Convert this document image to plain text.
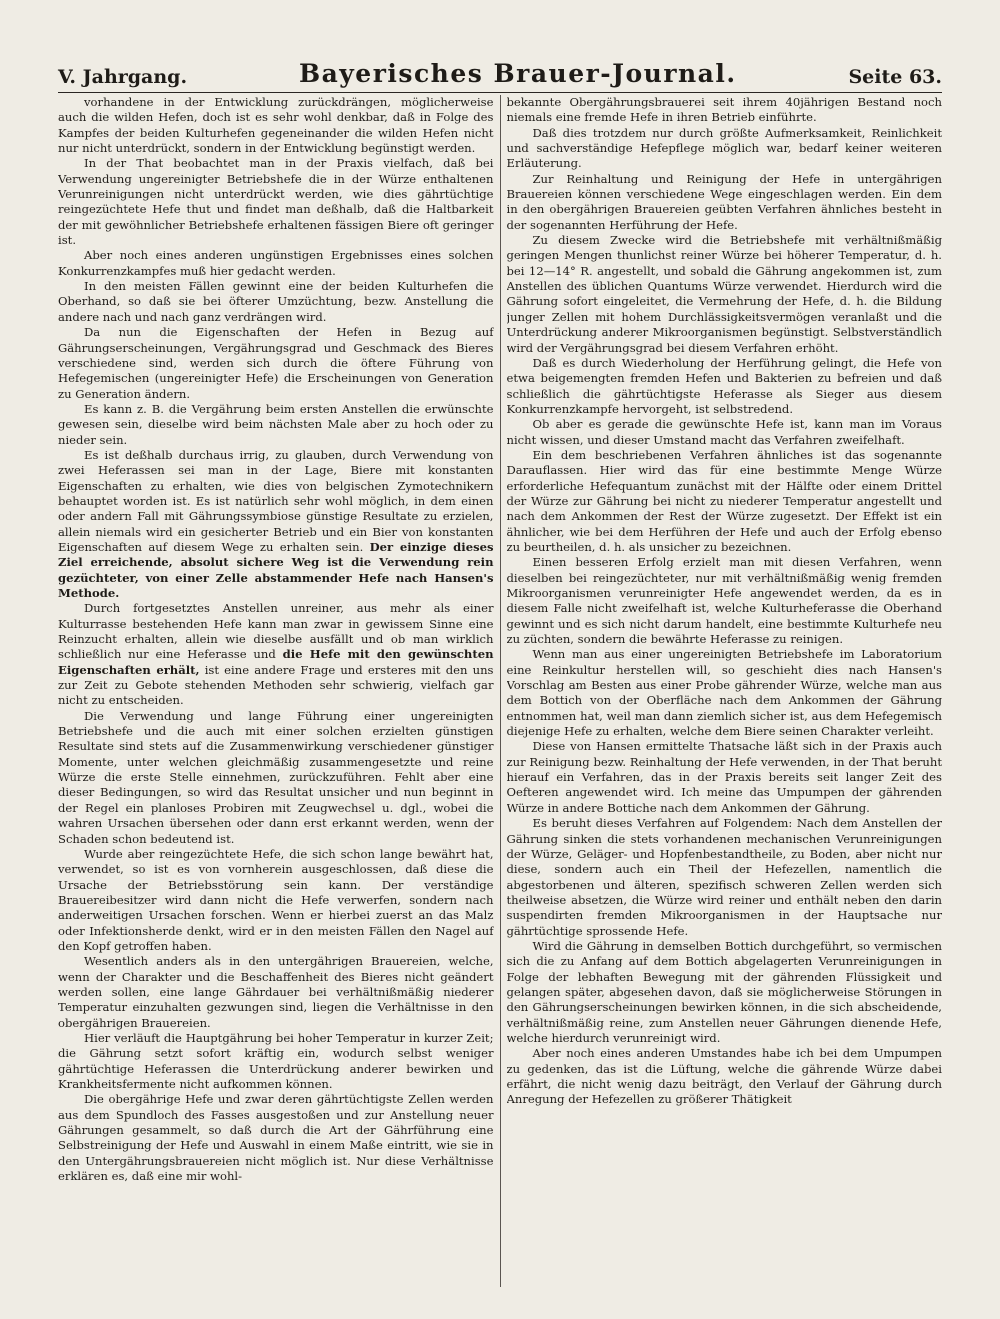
V. Jahrgang.	Bayerisches Brauer-Journal.	Seite 63.

vorhandene in der Entwicklung zurückdrängen, möglicherweise auch die wilden Hefen, doch ist es sehr wohl denkbar, daß in Folge des Kampfes der beiden Kulturhefen gegeneinander die wilden Hefen nicht nur nicht unterdrückt, sondern in der Entwicklung begünstigt werden.

In der That beobachtet man in der Praxis vielfach, daß bei Verwendung ungereinigter Betriebshefe die in der Würze enthaltenen Verunreinigungen nicht unterdrückt werden, wie dies gährtüchtige reingezüchtete Hefe thut und findet man deßhalb, daß die Haltbarkeit der mit gewöhnlicher Betriebshefe erhaltenen fässigen Biere oft geringer ist.

Aber noch eines anderen ungünstigen Ergebnisses eines solchen Konkurrenzkampfes muß hier gedacht werden.

In den meisten Fällen gewinnt eine der beiden Kulturhefen die Oberhand, so daß sie bei öfterer Umzüchtung, bezw. Anstellung die andere nach und nach ganz verdrängen wird.

Da nun die Eigenschaften der Hefen in Bezug auf Gährungserscheinungen, Vergährungsgrad und Geschmack des Bieres verschiedene sind, werden sich durch die öftere Führung von Hefegemischen (ungereinigter Hefe) die Erscheinungen von Generation zu Generation ändern.

Es kann z. B. die Vergährung beim ersten Anstellen die erwünschte gewesen sein, dieselbe wird beim nächsten Male aber zu hoch oder zu nieder sein.

Es ist deßhalb durchaus irrig, zu glauben, durch Verwendung von zwei Heferassen sei man in der Lage, Biere mit konstanten Eigenschaften zu erhalten, wie dies von belgischen Zymotechnikern behauptet worden ist. Es ist natürlich sehr wohl möglich, in dem einen oder andern Fall mit Gährungssymbiose günstige Resultate zu erzielen, allein niemals wird ein gesicherter Betrieb und ein Bier von konstanten Eigenschaften auf diesem Wege zu erhalten sein. Der einzige dieses Ziel erreichende, absolut sichere Weg ist die Verwendung rein gezüchteter, von einer Zelle abstammender Hefe nach Hansen's Methode.

Durch fortgesetztes Anstellen unreiner, aus mehr als einer Kulturrasse bestehenden Hefe kann man zwar in gewissem Sinne eine Reinzucht erhalten, allein wie dieselbe ausfällt und ob man wirklich schließlich nur eine Heferasse und die Hefe mit den gewünschten Eigenschaften erhält, ist eine andere Frage und ersteres mit den uns zur Zeit zu Gebote stehenden Methoden sehr schwierig, vielfach gar nicht zu entscheiden.

Die Verwendung und lange Führung einer ungereinigten Betriebshefe und die auch mit einer solchen erzielten günstigen Resultate sind stets auf die Zusammenwirkung verschiedener günstiger Momente, unter welchen gleichmäßig zusammengesetzte und reine Würze die erste Stelle einnehmen, zurückzuführen. Fehlt aber eine dieser Bedingungen, so wird das Resultat unsicher und nun beginnt in der Regel ein planloses Probiren mit Zeugwechsel u. dgl., wobei die wahren Ursachen übersehen oder dann erst erkannt werden, wenn der Schaden schon bedeutend ist.

Wurde aber reingezüchtete Hefe, die sich schon lange bewährt hat, verwendet, so ist es von vornherein ausgeschlossen, daß diese die Ursache der Betriebsstörung sein kann. Der verständige Brauereibesitzer wird dann nicht die Hefe verwerfen, sondern nach anderweitigen Ursachen forschen. Wenn er hierbei zuerst an das Malz oder Infektionsherde denkt, wird er in den meisten Fällen den Nagel auf den Kopf getroffen haben.

Wesentlich anders als in den untergährigen Brauereien, welche, wenn der Charakter und die Beschaffenheit des Bieres nicht geändert werden sollen, eine lange Gährdauer bei verhältnißmäßig niederer Temperatur einzuhalten gezwungen sind, liegen die Verhältnisse in den obergährigen Brauereien.

Hier verläuft die Hauptgährung bei hoher Temperatur in kurzer Zeit; die Gährung setzt sofort kräftig ein, wodurch selbst weniger gährtüchtige Heferassen die Unterdrückung anderer bewirken und Krankheitsfermente nicht aufkommen können.

Die obergährige Hefe und zwar deren gährtüchtigste Zellen werden aus dem Spundloch des Fasses ausgestoßen und zur Anstellung neuer Gährungen gesammelt, so daß durch die Art der Gährführung eine Selbstreinigung der Hefe und Auswahl in einem Maße eintritt, wie sie in den Untergährungsbrauereien nicht möglich ist. Nur diese Verhältnisse erklären es, daß eine mir wohl-

bekannte Obergährungsbrauerei seit ihrem 40jährigen Bestand noch niemals eine fremde Hefe in ihren Betrieb einführte.

Daß dies trotzdem nur durch größte Aufmerksamkeit, Reinlichkeit und sachverständige Hefepflege möglich war, bedarf keiner weiteren Erläuterung.

Zur Reinhaltung und Reinigung der Hefe in untergährigen Brauereien können verschiedene Wege eingeschlagen werden. Ein dem in den obergährigen Brauereien geübten Verfahren ähnliches besteht in der sogenannten Herführung der Hefe.

Zu diesem Zwecke wird die Betriebshefe mit verhältnißmäßig geringen Mengen thunlichst reiner Würze bei höherer Temperatur, d. h. bei 12—14° R. angestellt, und sobald die Gährung angekommen ist, zum Anstellen des üblichen Quantums Würze verwendet. Hierdurch wird die Gährung sofort eingeleitet, die Vermehrung der Hefe, d. h. die Bildung junger Zellen mit hohem Durchlässigkeitsvermögen veranlaßt und die Unterdrückung anderer Mikroorganismen begünstigt. Selbstverständlich wird der Vergährungsgrad bei diesem Verfahren erhöht.

Daß es durch Wiederholung der Herführung gelingt, die Hefe von etwa beigemengten fremden Hefen und Bakterien zu befreien und daß schließlich die gährtüchtigste Heferasse als Sieger aus diesem Konkurrenzkampfe hervorgeht, ist selbstredend.

Ob aber es gerade die gewünschte Hefe ist, kann man im Voraus nicht wissen, und dieser Umstand macht das Verfahren zweifelhaft.

Ein dem beschriebenen Verfahren ähnliches ist das sogenannte Darauflassen. Hier wird das für eine bestimmte Menge Würze erforderliche Hefequantum zunächst mit der Hälfte oder einem Drittel der Würze zur Gährung bei nicht zu niederer Temperatur angestellt und nach dem Ankommen der Rest der Würze zugesetzt. Der Effekt ist ein ähnlicher, wie bei dem Herführen der Hefe und auch der Erfolg ebenso zu beurtheilen, d. h. als unsicher zu bezeichnen.

Einen besseren Erfolg erzielt man mit diesen Verfahren, wenn dieselben bei reingezüchteter, nur mit verhältnißmäßig wenig fremden Mikroorganismen verunreinigter Hefe angewendet werden, da es in diesem Falle nicht zweifelhaft ist, welche Kulturheferasse die Oberhand gewinnt und es sich nicht darum handelt, eine bestimmte Kulturhefe neu zu züchten, sondern die bewährte Heferasse zu reinigen.

Wenn man aus einer ungereinigten Betriebshefe im Laboratorium eine Reinkultur herstellen will, so geschieht dies nach Hansen's Vorschlag am Besten aus einer Probe gährender Würze, welche man aus dem Bottich von der Oberfläche nach dem Ankommen der Gährung entnommen hat, weil man dann ziemlich sicher ist, aus dem Hefegemisch diejenige Hefe zu erhalten, welche dem Biere seinen Charakter verleiht.

Diese von Hansen ermittelte Thatsache läßt sich in der Praxis auch zur Reinigung bezw. Reinhaltung der Hefe verwenden, in der That beruht hierauf ein Verfahren, das in der Praxis bereits seit langer Zeit des Oefteren angewendet wird. Ich meine das Umpumpen der gährenden Würze in andere Bottiche nach dem Ankommen der Gährung.

Es beruht dieses Verfahren auf Folgendem: Nach dem Anstellen der Gährung sinken die stets vorhandenen mechanischen Verunreinigungen der Würze, Geläger- und Hopfenbestandtheile, zu Boden, aber nicht nur diese, sondern auch ein Theil der Hefezellen, namentlich die abgestorbenen und älteren, spezifisch schweren Zellen werden sich theilweise absetzen, die Würze wird reiner und enthält neben den darin suspendirten fremden Mikroorganismen in der Hauptsache nur gährtüchtige sprossende Hefe.

Wird die Gährung in demselben Bottich durchgeführt, so vermischen sich die zu Anfang auf dem Bottich abgelagerten Verunreinigungen in Folge der lebhaften Bewegung mit der gährenden Flüssigkeit und gelangen später, abgesehen davon, daß sie möglicherweise Störungen in den Gährungserscheinungen bewirken können, in die sich abscheidende, verhältnißmäßig reine, zum Anstellen neuer Gährungen dienende Hefe, welche hierdurch verunreinigt wird.

Aber noch eines anderen Umstandes habe ich bei dem Umpumpen zu gedenken, das ist die Lüftung, welche die gährende Würze dabei erfährt, die nicht wenig dazu beiträgt, den Verlauf der Gährung durch Anregung der Hefezellen zu größerer Thätigkeit
